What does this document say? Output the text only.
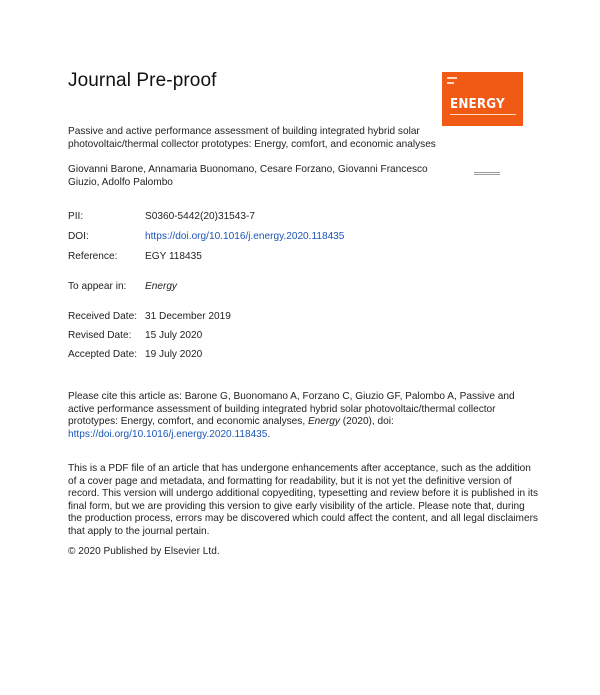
Journal Pre-proof
ENERGY
Passive and active performance assessment of building integrated hybrid solar photovoltaic/thermal collector prototypes: Energy, comfort, and economic analyses
Giovanni Barone, Annamaria Buonomano, Cesare Forzano, Giovanni Francesco Giuzio, Adolfo Palombo
PII:	S0360-5442(20)31543-7
DOI:	https://doi.org/10.1016/j.energy.2020.118435
Reference:	EGY 118435
To appear in: Energy
Received Date: 31 December 2019
Revised Date: 15 July 2020
Accepted Date: 19 July 2020
Please cite this article as: Barone G, Buonomano A, Forzano C, Giuzio GF, Palombo A, Passive and active performance assessment of building integrated hybrid solar photovoltaic/thermal collector prototypes: Energy, comfort, and economic analyses, Energy (2020), doi: https://doi.org/10.1016/j.energy.2020.118435.
This is a PDF file of an article that has undergone enhancements after acceptance, such as the addition of a cover page and metadata, and formatting for readability, but it is not yet the definitive version of record. This version will undergo additional copyediting, typesetting and review before it is published in its final form, but we are providing this version to give early visibility of the article. Please note that, during the production process, errors may be discovered which could affect the content, and all legal disclaimers that apply to the journal pertain.
© 2020 Published by Elsevier Ltd.
